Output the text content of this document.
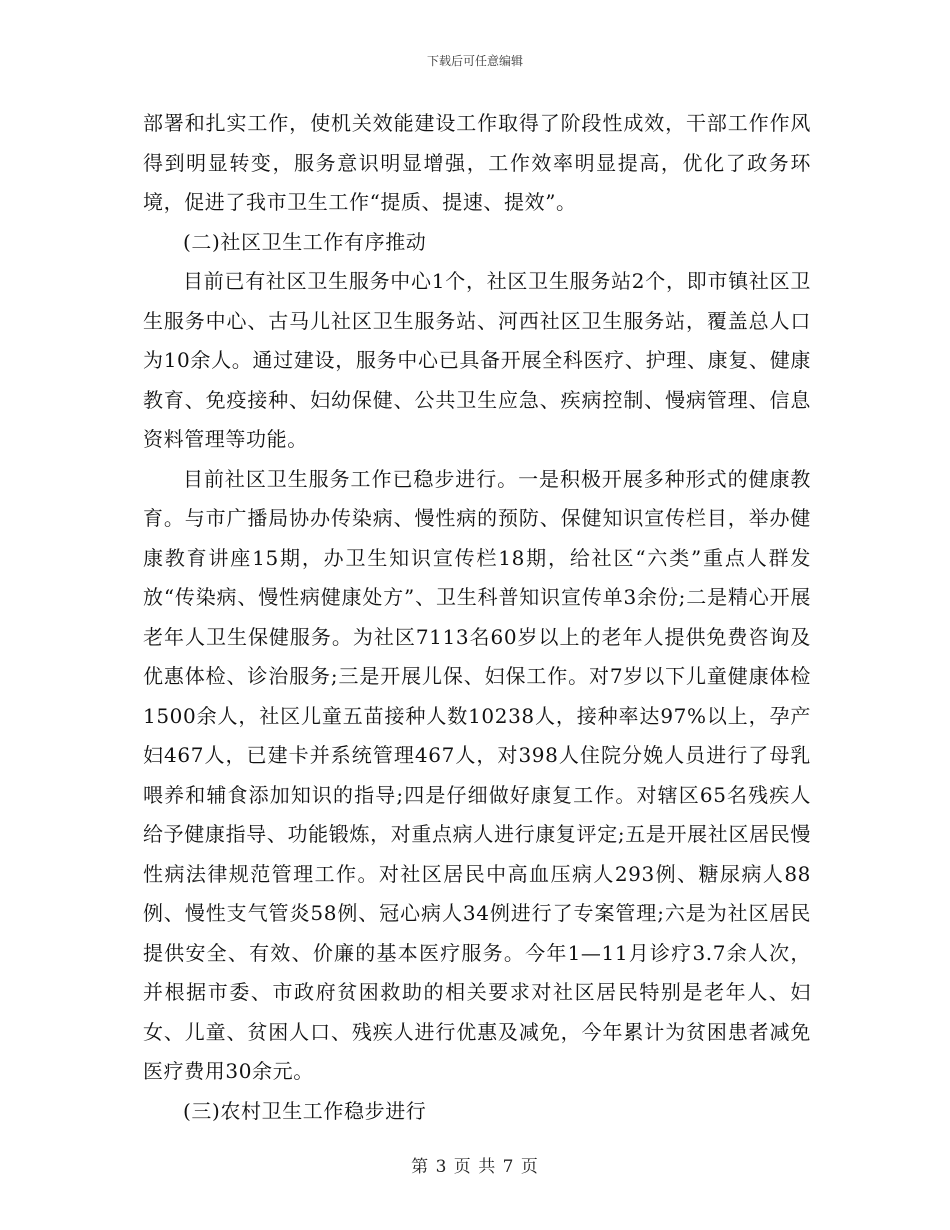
下载后可任意编辑

部署和扎实工作，使机关效能建设工作取得了阶段性成效，干部工作作风得到明显转变，服务意识明显增强，工作效率明显提高，优化了政务环境，促进了我市卫生工作“提质、提速、提效”。

(二)社区卫生工作有序推动

目前已有社区卫生服务中心1个，社区卫生服务站2个，即市镇社区卫生服务中心、古马儿社区卫生服务站、河西社区卫生服务站，覆盖总人口为10余人。通过建设，服务中心已具备开展全科医疗、护理、康复、健康教育、免疫接种、妇幼保健、公共卫生应急、疾病控制、慢病管理、信息资料管理等功能。

目前社区卫生服务工作已稳步进行。一是积极开展多种形式的健康教育。与市广播局协办传染病、慢性病的预防、保健知识宣传栏目，举办健康教育讲座15期，办卫生知识宣传栏18期，给社区“六类”重点人群发放“传染病、慢性病健康处方”、卫生科普知识宣传单3余份;二是精心开展老年人卫生保健服务。为社区7113名60岁以上的老年人提供免费咨询及优惠体检、诊治服务;三是开展儿保、妇保工作。对7岁以下儿童健康体检1500余人，社区儿童五苗接种人数10238人，接种率达97%以上，孕产妇467人，已建卡并系统管理467人，对398人住院分娩人员进行了母乳喂养和辅食添加知识的指导;四是仔细做好康复工作。对辖区65名残疾人给予健康指导、功能锻炼，对重点病人进行康复评定;五是开展社区居民慢性病法律规范管理工作。对社区居民中高血压病人293例、糖尿病人88例、慢性支气管炎58例、冠心病人34例进行了专案管理;六是为社区居民提供安全、有效、价廉的基本医疗服务。今年1—11月诊疗3.7余人次，并根据市委、市政府贫困救助的相关要求对社区居民特别是老年人、妇女、儿童、贫困人口、残疾人进行优惠及减免，今年累计为贫困患者减免医疗费用30余元。

(三)农村卫生工作稳步进行

第 3 页 共 7 页
